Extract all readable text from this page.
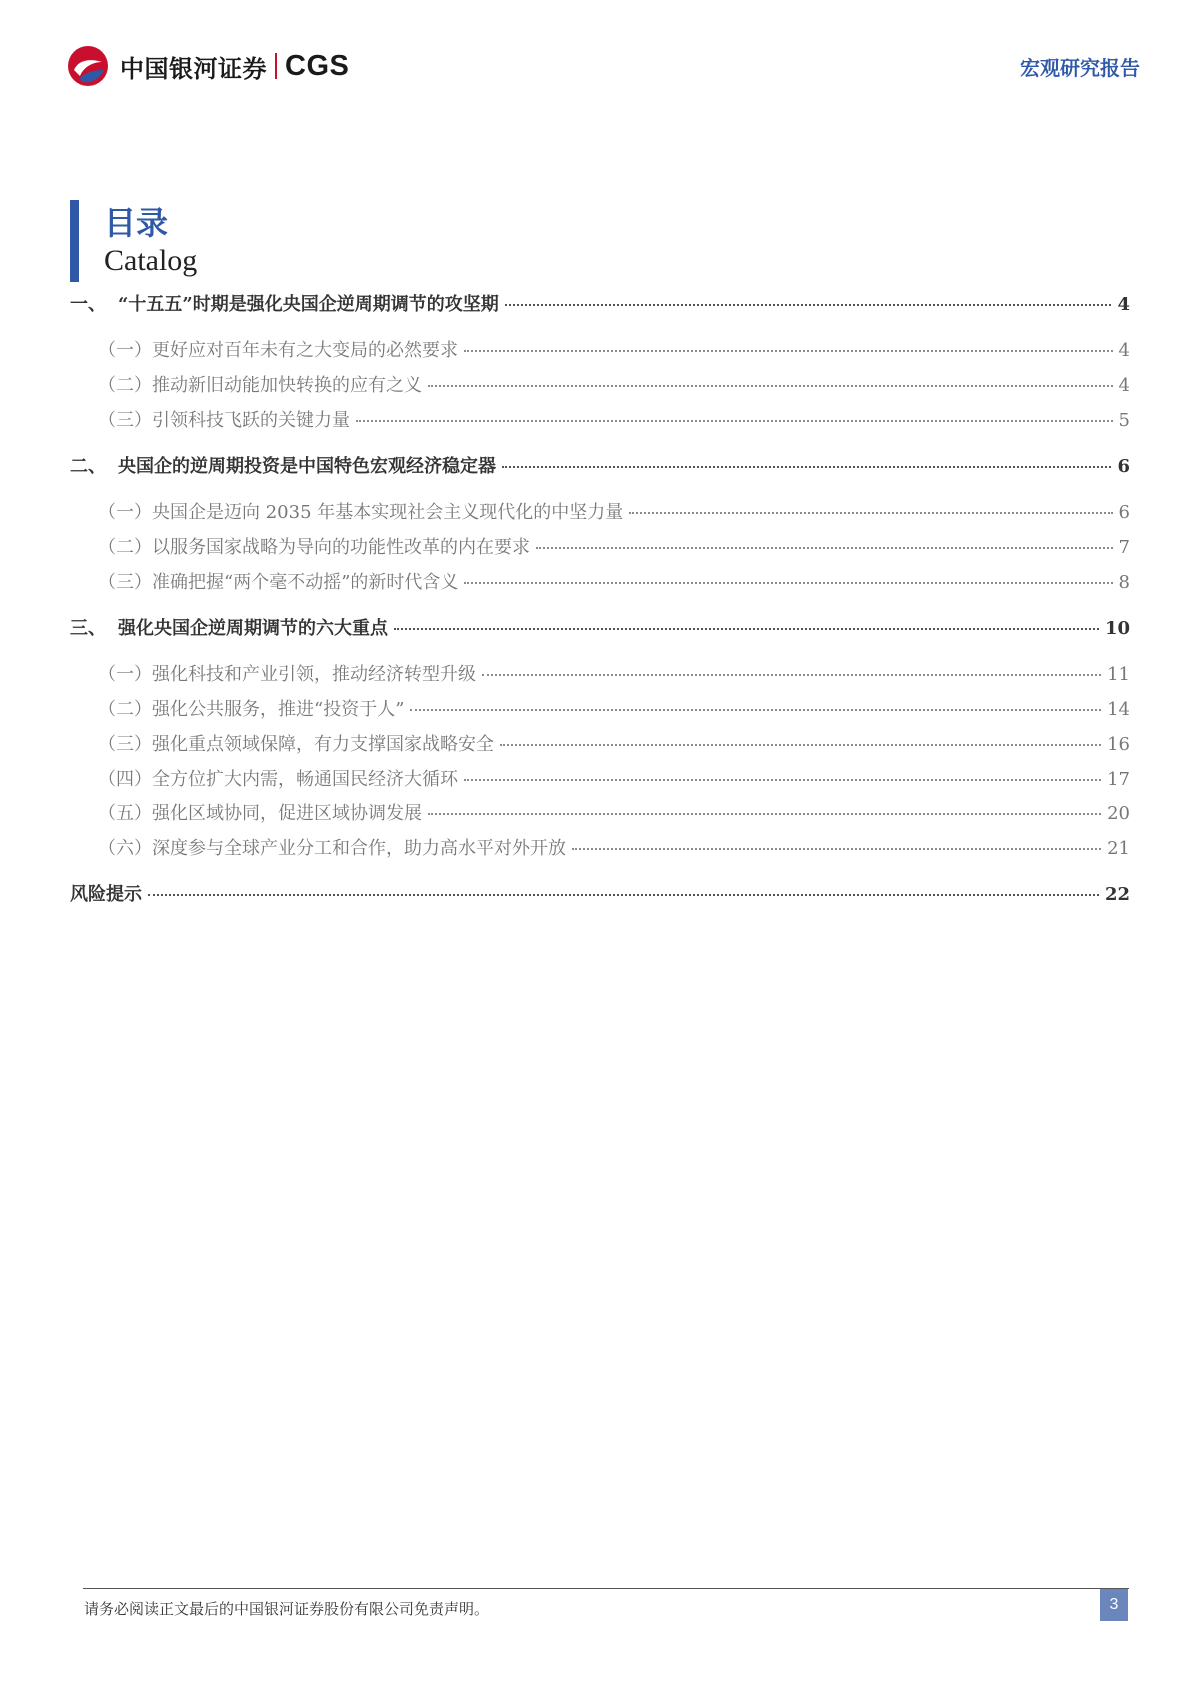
中国银河证券 CGS	宏观研究报告
目录
Catalog
一、 “十五五”时期是强化央国企逆周期调节的攻坚期	4
（一） 更好应对百年未有之大变局的必然要求	4
（二） 推动新旧动能加快转换的应有之义	4
（三） 引领科技飞跃的关键力量	5
二、 央国企的逆周期投资是中国特色宏观经济稳定器	6
（一） 央国企是迈向 2035 年基本实现社会主义现代化的中坚力量	6
（二） 以服务国家战略为导向的功能性改革的内在要求	7
（三） 准确把握“两个毫不动摇”的新时代含义	8
三、 强化央国企逆周期调节的六大重点	10
（一） 强化科技和产业引领，推动经济转型升级	11
（二） 强化公共服务，推进“投资于人”	14
（三） 强化重点领域保障，有力支撑国家战略安全	16
（四） 全方位扩大内需，畅通国民经济大循环	17
（五） 强化区域协同，促进区域协调发展	20
（六） 深度参与全球产业分工和合作，助力高水平对外开放	21
风险提示	22
请务必阅读正文最后的中国银河证券股份有限公司免责声明。	3
